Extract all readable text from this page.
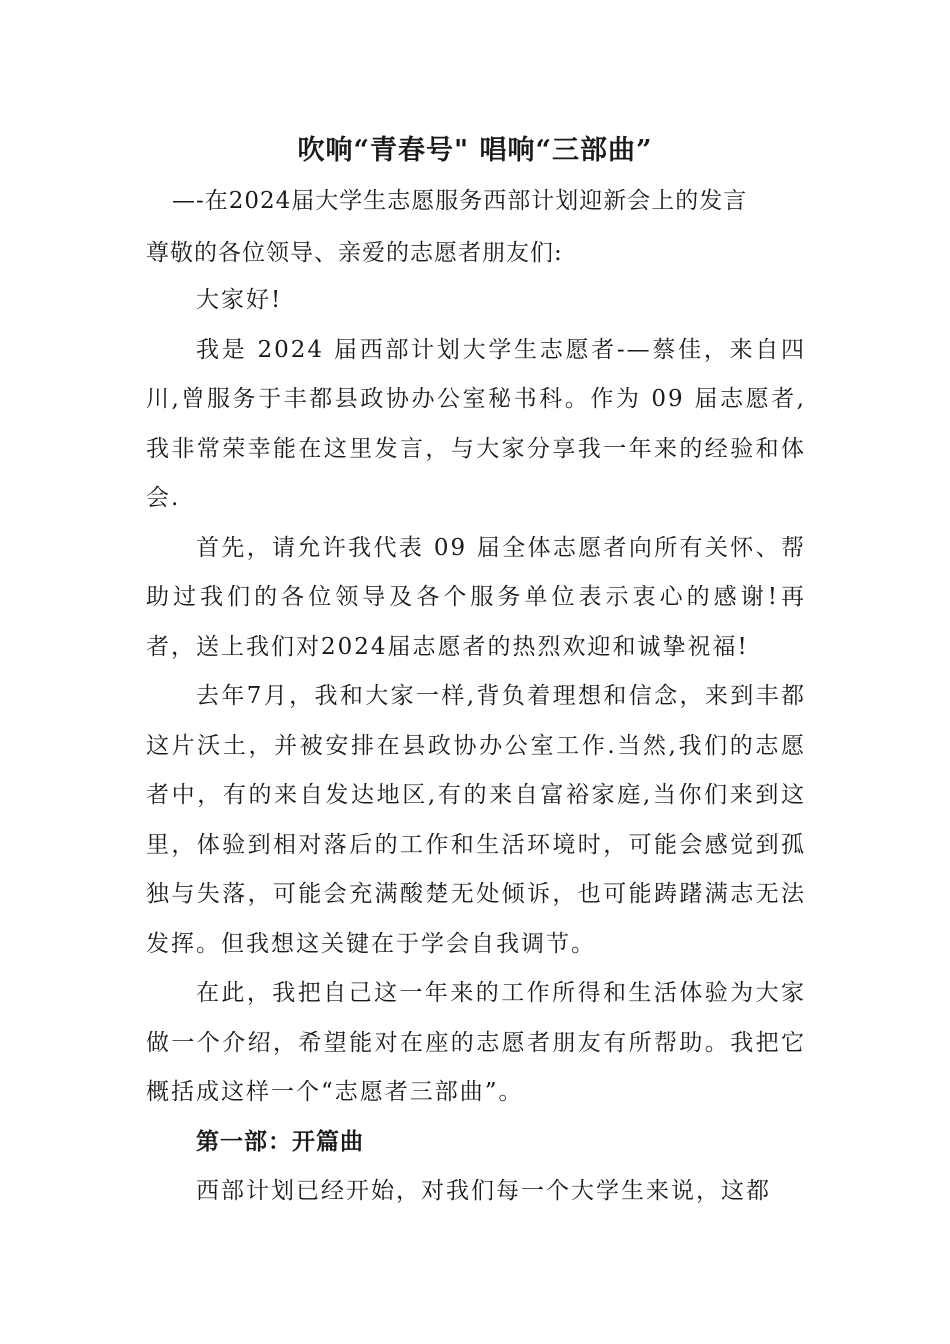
吹响“青春号" 唱响“三部曲”
—-在2024届大学生志愿服务西部计划迎新会上的发言
尊敬的各位领导、亲爱的志愿者朋友们:

大家好!

我是 2024 届西部计划大学生志愿者-—蔡佳，来自四川,曾服务于丰都县政协办公室秘书科。作为 09 届志愿者,我非常荣幸能在这里发言，与大家分享我一年来的经验和体会.

首先，请允许我代表 09 届全体志愿者向所有关怀、帮助过我们的各位领导及各个服务单位表示衷心的感谢!再者，送上我们对2024届志愿者的热烈欢迎和诚挚祝福!

去年7月，我和大家一样,背负着理想和信念，来到丰都这片沃土，并被安排在县政协办公室工作.当然,我们的志愿者中，有的来自发达地区,有的来自富裕家庭,当你们来到这里，体验到相对落后的工作和生活环境时，可能会感觉到孤独与失落，可能会充满酸楚无处倾诉，也可能踌躇满志无法发挥。但我想这关键在于学会自我调节。

在此，我把自己这一年来的工作所得和生活体验为大家做一个介绍，希望能对在座的志愿者朋友有所帮助。我把它概括成这样一个“志愿者三部曲”。

第一部：开篇曲

西部计划已经开始，对我们每一个大学生来说，这都
